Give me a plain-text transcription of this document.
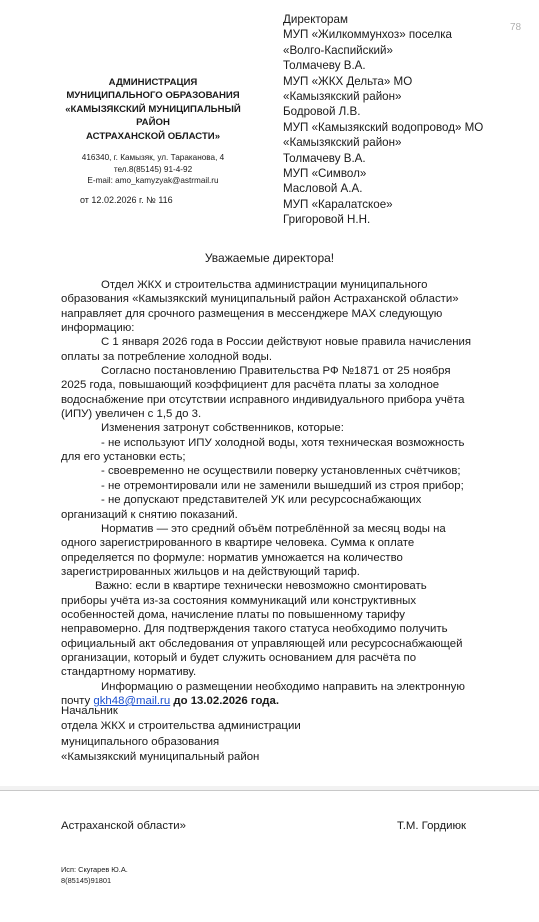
АДМИНИСТРАЦИЯ
МУНИЦИПАЛЬНОГО ОБРАЗОВАНИЯ
«КАМЫЗЯКСКИЙ МУНИЦИПАЛЬНЫЙ
РАЙОН
АСТРАХАНСКОЙ ОБЛАСТИ»
416340, г. Камызяк, ул. Тараканова, 4
тел.8(85145) 91-4-92
E-mail: amo_kamyzyak@astrmail.ru
от 12.02.2026 г. № 116
78
Директорам
МУП «Жилкоммунхоз» поселка
«Волго-Каспийский»
Толмачеву В.А.
МУП «ЖКХ Дельта» МО
«Камызякский район»
Бодровой Л.В.
МУП «Камызякский водопровод» МО
«Камызякский район»
Толмачеву В.А.
МУП «Символ»
Масловой А.А.
МУП «Каралатское»
Григоровой Н.Н.
Уважаемые директора!
Отдел ЖКХ и строительства администрации муниципального
образования «Камызякский муниципальный район Астраханской области»
направляет для срочного размещения в мессенджере MAX следующую
информацию:
С 1 января 2026 года в России действуют новые правила начисления
оплаты за потребление холодной воды.
Согласно постановлению Правительства РФ №1871 от 25 ноября
2025 года, повышающий коэффициент для расчёта платы за холодное
водоснабжение при отсутствии исправного индивидуального прибора учёта
(ИПУ) увеличен с 1,5 до 3.
Изменения затронут собственников, которые:
- не используют ИПУ холодной воды, хотя техническая возможность
для его установки есть;
- своевременно не осуществили поверку установленных счётчиков;
- не отремонтировали или не заменили вышедший из строя прибор;
- не допускают представителей УК или ресурсоснабжающих
организаций к снятию показаний.
Норматив — это средний объём потреблённой за месяц воды на
одного зарегистрированного в квартире человека. Сумма к оплате
определяется по формуле: норматив умножается на количество
зарегистрированных жильцов и на действующий тариф.
Важно: если в квартире технически невозможно смонтировать
приборы учёта из-за состояния коммуникаций или конструктивных
особенностей дома, начисление платы по повышенному тарифу
неправомерно. Для подтверждения такого статуса необходимо получить
официальный акт обследования от управляющей или ресурсоснабжающей
организации, который и будет служить основанием для расчёта по
стандартному нормативу.
Информацию о размещении необходимо направить на электронную
почту gkh48@mail.ru до 13.02.2026 года.
Начальник
отдела ЖКХ и строительства администрации
муниципального образования
«Камызякский муниципальный район
Астраханской области»	Т.М. Гордиюк
Исп: Скугарев Ю.А.
8(85145)91801
